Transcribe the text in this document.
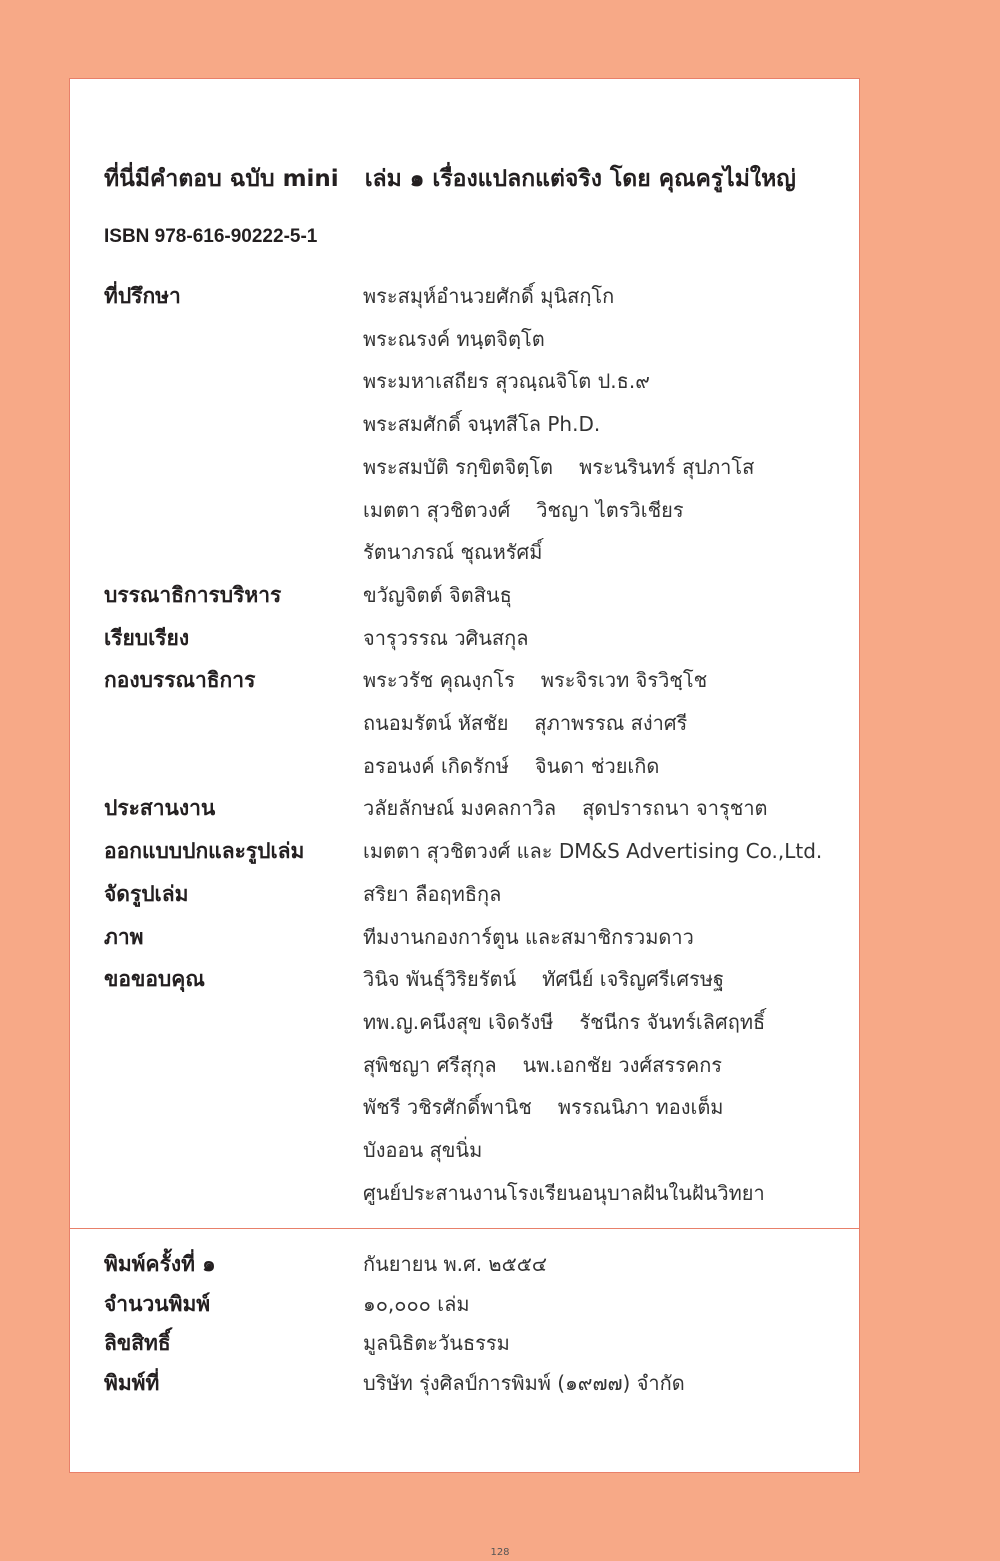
ที่นี่มีคำตอบ ฉบับ mini เล่ม ๑ เรื่องแปลกแต่จริง โดย คุณครูไม่ใหญ่
ISBN 978-616-90222-5-1
ที่ปรึกษา	พระสมุห์อำนวยศักดิ์ มุนิสกฺโก
พระณรงค์ ทนฺตจิตฺโต
พระมหาเสถียร สุวณฺณจิโต ป.ธ.๙
พระสมศักดิ์ จนฺทสีโล Ph.D.
พระสมบัติ รกฺขิตจิตฺโต พระนรินทร์ สุปภาโส
เมตตา สุวชิตวงศ์ วิชญา ไตรวิเชียร
รัตนาภรณ์ ชุณหรัศมิ์
บรรณาธิการบริหาร	ขวัญจิตต์ จิตสินธุ
เรียบเรียง	จารุวรรณ วศินสกุล
กองบรรณาธิการ	พระวรัช คุณงฺกโร พระจิรเวท จิรวิชฺโช
ถนอมรัตน์ หัสชัย สุภาพรรณ สง่าศรี
อรอนงค์ เกิดรักษ์ จินดา ช่วยเกิด
ประสานงาน	วลัยลักษณ์ มงคลกาวิล สุดปรารถนา จารุชาต
ออกแบบปกและรูปเล่ม	เมตตา สุวชิตวงศ์ และ DM&S Advertising Co.,Ltd.
จัดรูปเล่ม	สริยา ลือฤทธิกุล
ภาพ	ทีมงานกองการ์ตูน และสมาชิกรวมดาว
ขอขอบคุณ	วินิจ พันธุ์วิริยรัตน์ ทัศนีย์ เจริญศรีเศรษฐ
ทพ.ญ.คนึงสุข เจิดรังษี รัชนีกร จันทร์เลิศฤทธิ์
สุพิชญา ศรีสุกุล นพ.เอกชัย วงศ์สรรคกร
พัชรี วชิรศักดิ์พานิช พรรณนิภา ทองเต็ม
บังออน สุขนิ่ม
ศูนย์ประสานงานโรงเรียนอนุบาลฝันในฝันวิทยา
พิมพ์ครั้งที่ ๑	กันยายน พ.ศ. ๒๕๕๔
จำนวนพิมพ์	๑๐,๐๐๐ เล่ม
ลิขสิทธิ์	มูลนิธิตะวันธรรม
พิมพ์ที่	บริษัท รุ่งศิลป์การพิมพ์ (๑๙๗๗) จำกัด
128
